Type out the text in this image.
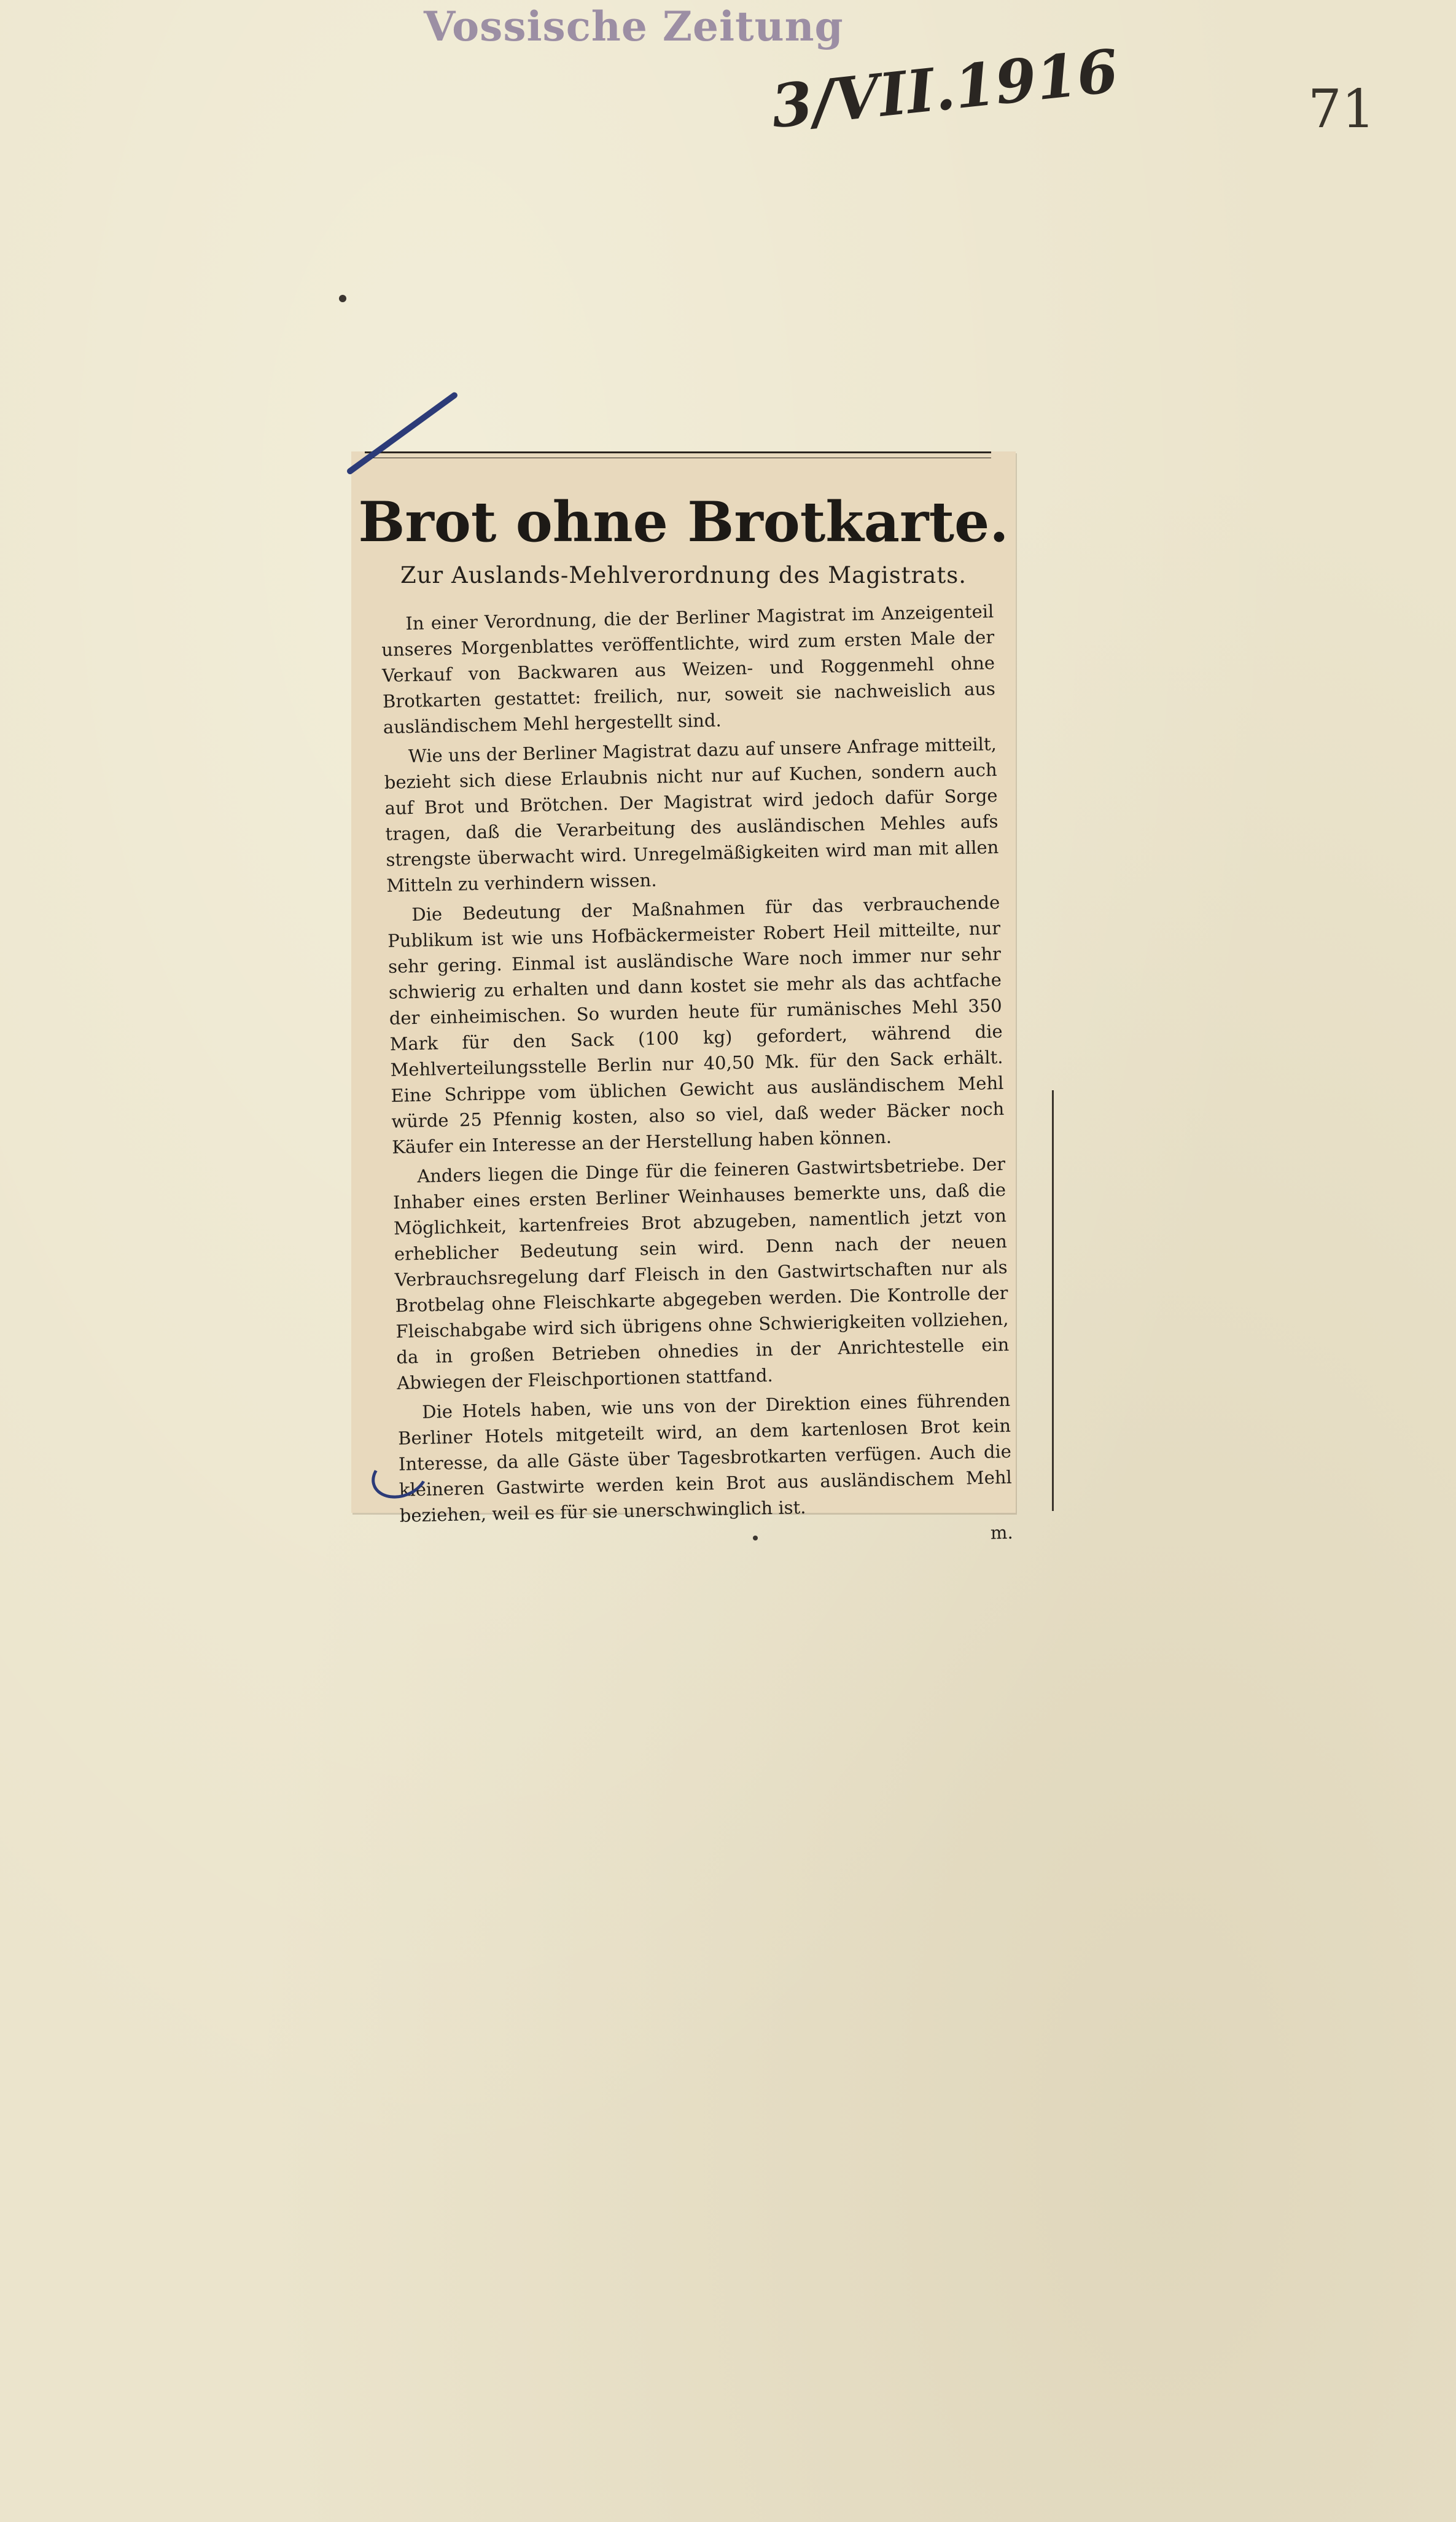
Vossische Zeitung
3/VII.1916	71
Brot ohne Brotkarte.
Zur Auslands-Mehlverordnung des Magistrats.

In einer Verordnung, die der Berliner Magistrat im Anzeigenteil unseres Morgenblattes veröffentlichte, wird zum ersten Male der Verkauf von Backwaren aus Weizen- und Roggenmehl ohne Brotkarten gestattet: freilich, nur, soweit sie nachweislich aus ausländischem Mehl hergestellt sind.

Wie uns der Berliner Magistrat dazu auf unsere Anfrage mitteilt, bezieht sich diese Erlaubnis nicht nur auf Kuchen, sondern auch auf Brot und Brötchen. Der Magistrat wird jedoch dafür Sorge tragen, daß die Verarbeitung des ausländischen Mehles aufs strengste überwacht wird. Unregelmäßigkeiten wird man mit allen Mitteln zu verhindern wissen.

Die Bedeutung der Maßnahmen für das verbrauchende Publikum ist wie uns Hofbäckermeister Robert Heil mitteilte, nur sehr gering. Einmal ist ausländische Ware noch immer nur sehr schwierig zu erhalten und dann kostet sie mehr als das achtfache der einheimischen. So wurden heute für rumänisches Mehl 350 Mark für den Sack (100 kg) gefordert, während die Mehlverteilungsstelle Berlin nur 40,50 Mk. für den Sack erhält. Eine Schrippe vom üblichen Gewicht aus ausländischem Mehl würde 25 Pfennig kosten, also so viel, daß weder Bäcker noch Käufer ein Interesse an der Herstellung haben können.

Anders liegen die Dinge für die feineren Gastwirtsbetriebe. Der Inhaber eines ersten Berliner Weinhauses bemerkte uns, daß die Möglichkeit, kartenfreies Brot abzugeben, namentlich jetzt von erheblicher Bedeutung sein wird. Denn nach der neuen Verbrauchsregelung darf Fleisch in den Gastwirtschaften nur als Brotbelag ohne Fleischkarte abgegeben werden. Die Kontrolle der Fleischabgabe wird sich übrigens ohne Schwierigkeiten vollziehen, da in großen Betrieben ohnedies in der Anrichtestelle ein Abwiegen der Fleischportionen stattfand.

Die Hotels haben, wie uns von der Direktion eines führenden Berliner Hotels mitgeteilt wird, an dem kartenlosen Brot kein Interesse, da alle Gäste über Tagesbrotkarten verfügen. Auch die kleineren Gastwirte werden kein Brot aus ausländischem Mehl beziehen, weil es für sie unerschwinglich ist.

m.
